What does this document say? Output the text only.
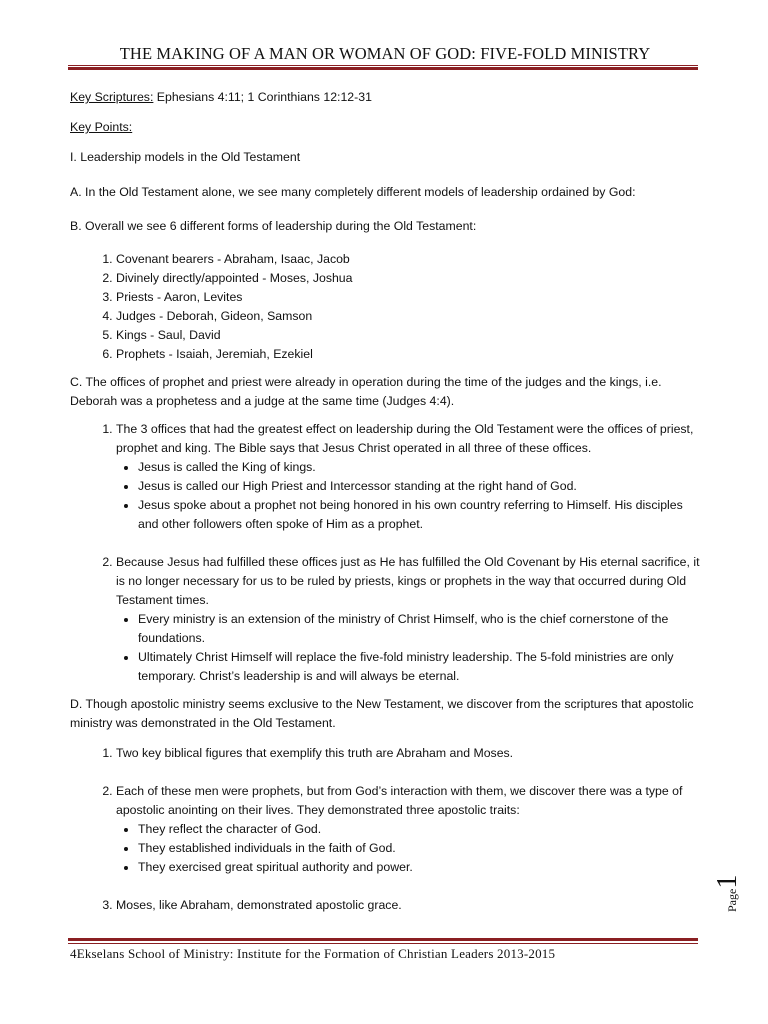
THE MAKING OF A MAN OR WOMAN OF GOD: FIVE-FOLD MINISTRY

Key Scriptures: Ephesians 4:11; 1 Corinthians 12:12-31

Key Points:

I. Leadership models in the Old Testament

A. In the Old Testament alone, we see many completely different models of leadership ordained by God:

B. Overall we see 6 different forms of leadership during the Old Testament:

1. Covenant bearers - Abraham, Isaac, Jacob
2. Divinely directly/appointed - Moses, Joshua
3. Priests - Aaron, Levites
4. Judges - Deborah, Gideon, Samson
5. Kings - Saul, David
6. Prophets - Isaiah, Jeremiah, Ezekiel

C. The offices of prophet and priest were already in operation during the time of the judges and the kings, i.e. Deborah was a prophetess and a judge at the same time (Judges 4:4).

1. The 3 offices that had the greatest effect on leadership during the Old Testament were the offices of priest, prophet and king. The Bible says that Jesus Christ operated in all three of these offices.
• Jesus is called the King of kings.
• Jesus is called our High Priest and Intercessor standing at the right hand of God.
• Jesus spoke about a prophet not being honored in his own country referring to Himself. His disciples and other followers often spoke of Him as a prophet.
2. Because Jesus had fulfilled these offices just as He has fulfilled the Old Covenant by His eternal sacrifice, it is no longer necessary for us to be ruled by priests, kings or prophets in the way that occurred during Old Testament times.
• Every ministry is an extension of the ministry of Christ Himself, who is the chief cornerstone of the foundations.
• Ultimately Christ Himself will replace the five-fold ministry leadership. The 5-fold ministries are only temporary. Christ’s leadership is and will always be eternal.

D. Though apostolic ministry seems exclusive to the New Testament, we discover from the scriptures that apostolic ministry was demonstrated in the Old Testament.

1. Two key biblical figures that exemplify this truth are Abraham and Moses.
2. Each of these men were prophets, but from God’s interaction with them, we discover there was a type of apostolic anointing on their lives. They demonstrated three apostolic traits:
• They reflect the character of God.
• They established individuals in the faith of God.
• They exercised great spiritual authority and power.
3. Moses, like Abraham, demonstrated apostolic grace.	Page1
4Ekselans School of Ministry: Institute for the Formation of Christian Leaders 2013-2015
